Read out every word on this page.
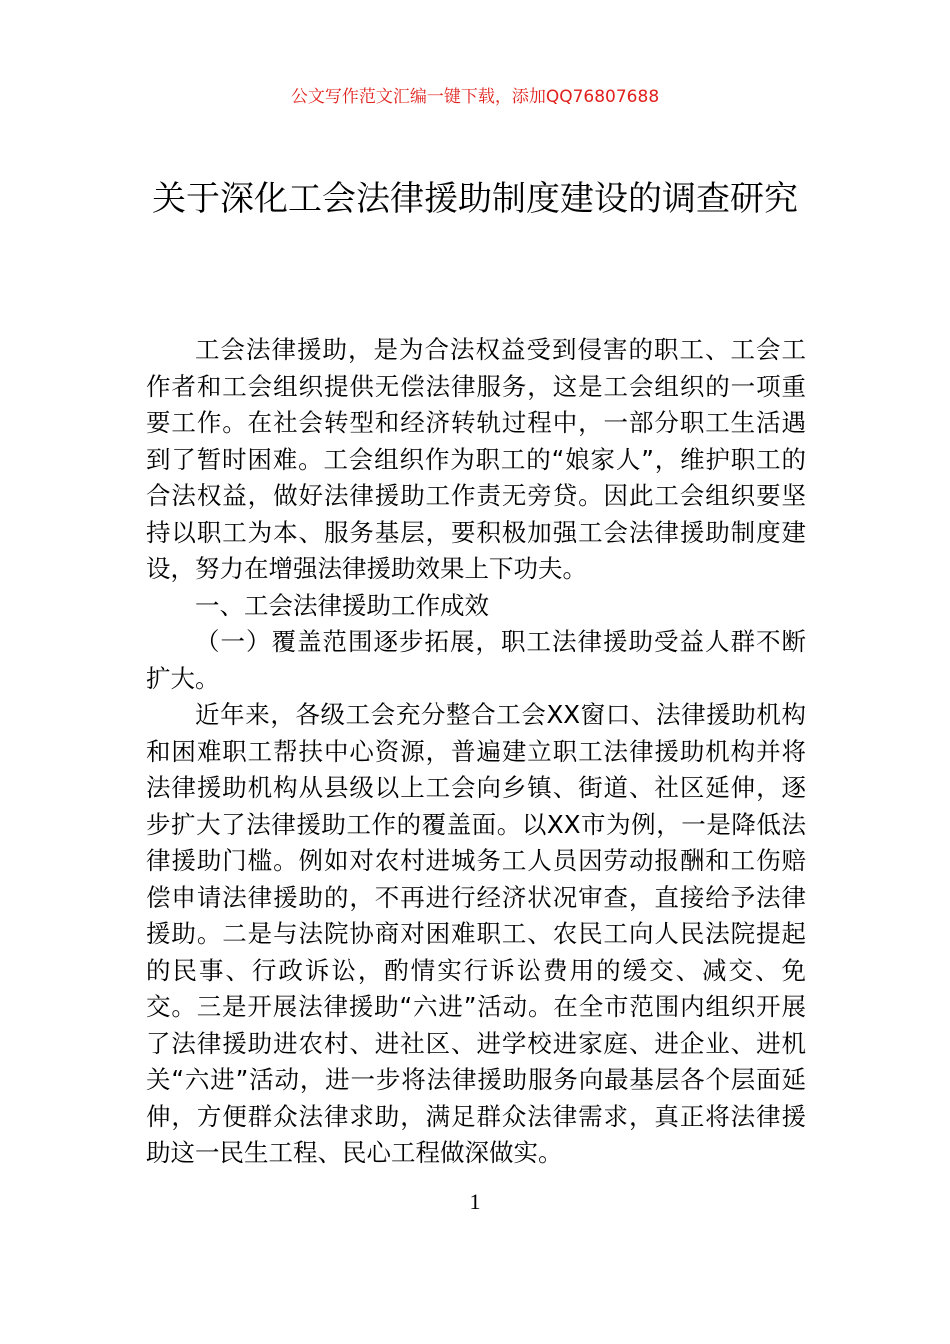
公文写作范文汇编一键下载，添加QQ76807688
关于深化工会法律援助制度建设的调查研究

工会法律援助，是为合法权益受到侵害的职工、工会工作者和工会组织提供无偿法律服务，这是工会组织的一项重要工作。在社会转型和经济转轨过程中，一部分职工生活遇到了暂时困难。工会组织作为职工的“娘家人”，维护职工的合法权益，做好法律援助工作责无旁贷。因此工会组织要坚持以职工为本、服务基层，要积极加强工会法律援助制度建设，努力在增强法律援助效果上下功夫。

一、工会法律援助工作成效

（一）覆盖范围逐步拓展，职工法律援助受益人群不断扩大。

近年来，各级工会充分整合工会XX窗口、法律援助机构和困难职工帮扶中心资源，普遍建立职工法律援助机构并将法律援助机构从县级以上工会向乡镇、街道、社区延伸，逐步扩大了法律援助工作的覆盖面。以XX市为例，一是降低法律援助门槛。例如对农村进城务工人员因劳动报酬和工伤赔偿申请法律援助的，不再进行经济状况审查，直接给予法律援助。二是与法院协商对困难职工、农民工向人民法院提起的民事、行政诉讼，酌情实行诉讼费用的缓交、减交、免交。三是开展法律援助“六进”活动。在全市范围内组织开展了法律援助进农村、进社区、进学校进家庭、进企业、进机关“六进”活动，进一步将法律援助服务向最基层各个层面延伸，方便群众法律求助，满足群众法律需求，真正将法律援助这一民生工程、民心工程做深做实。

1
